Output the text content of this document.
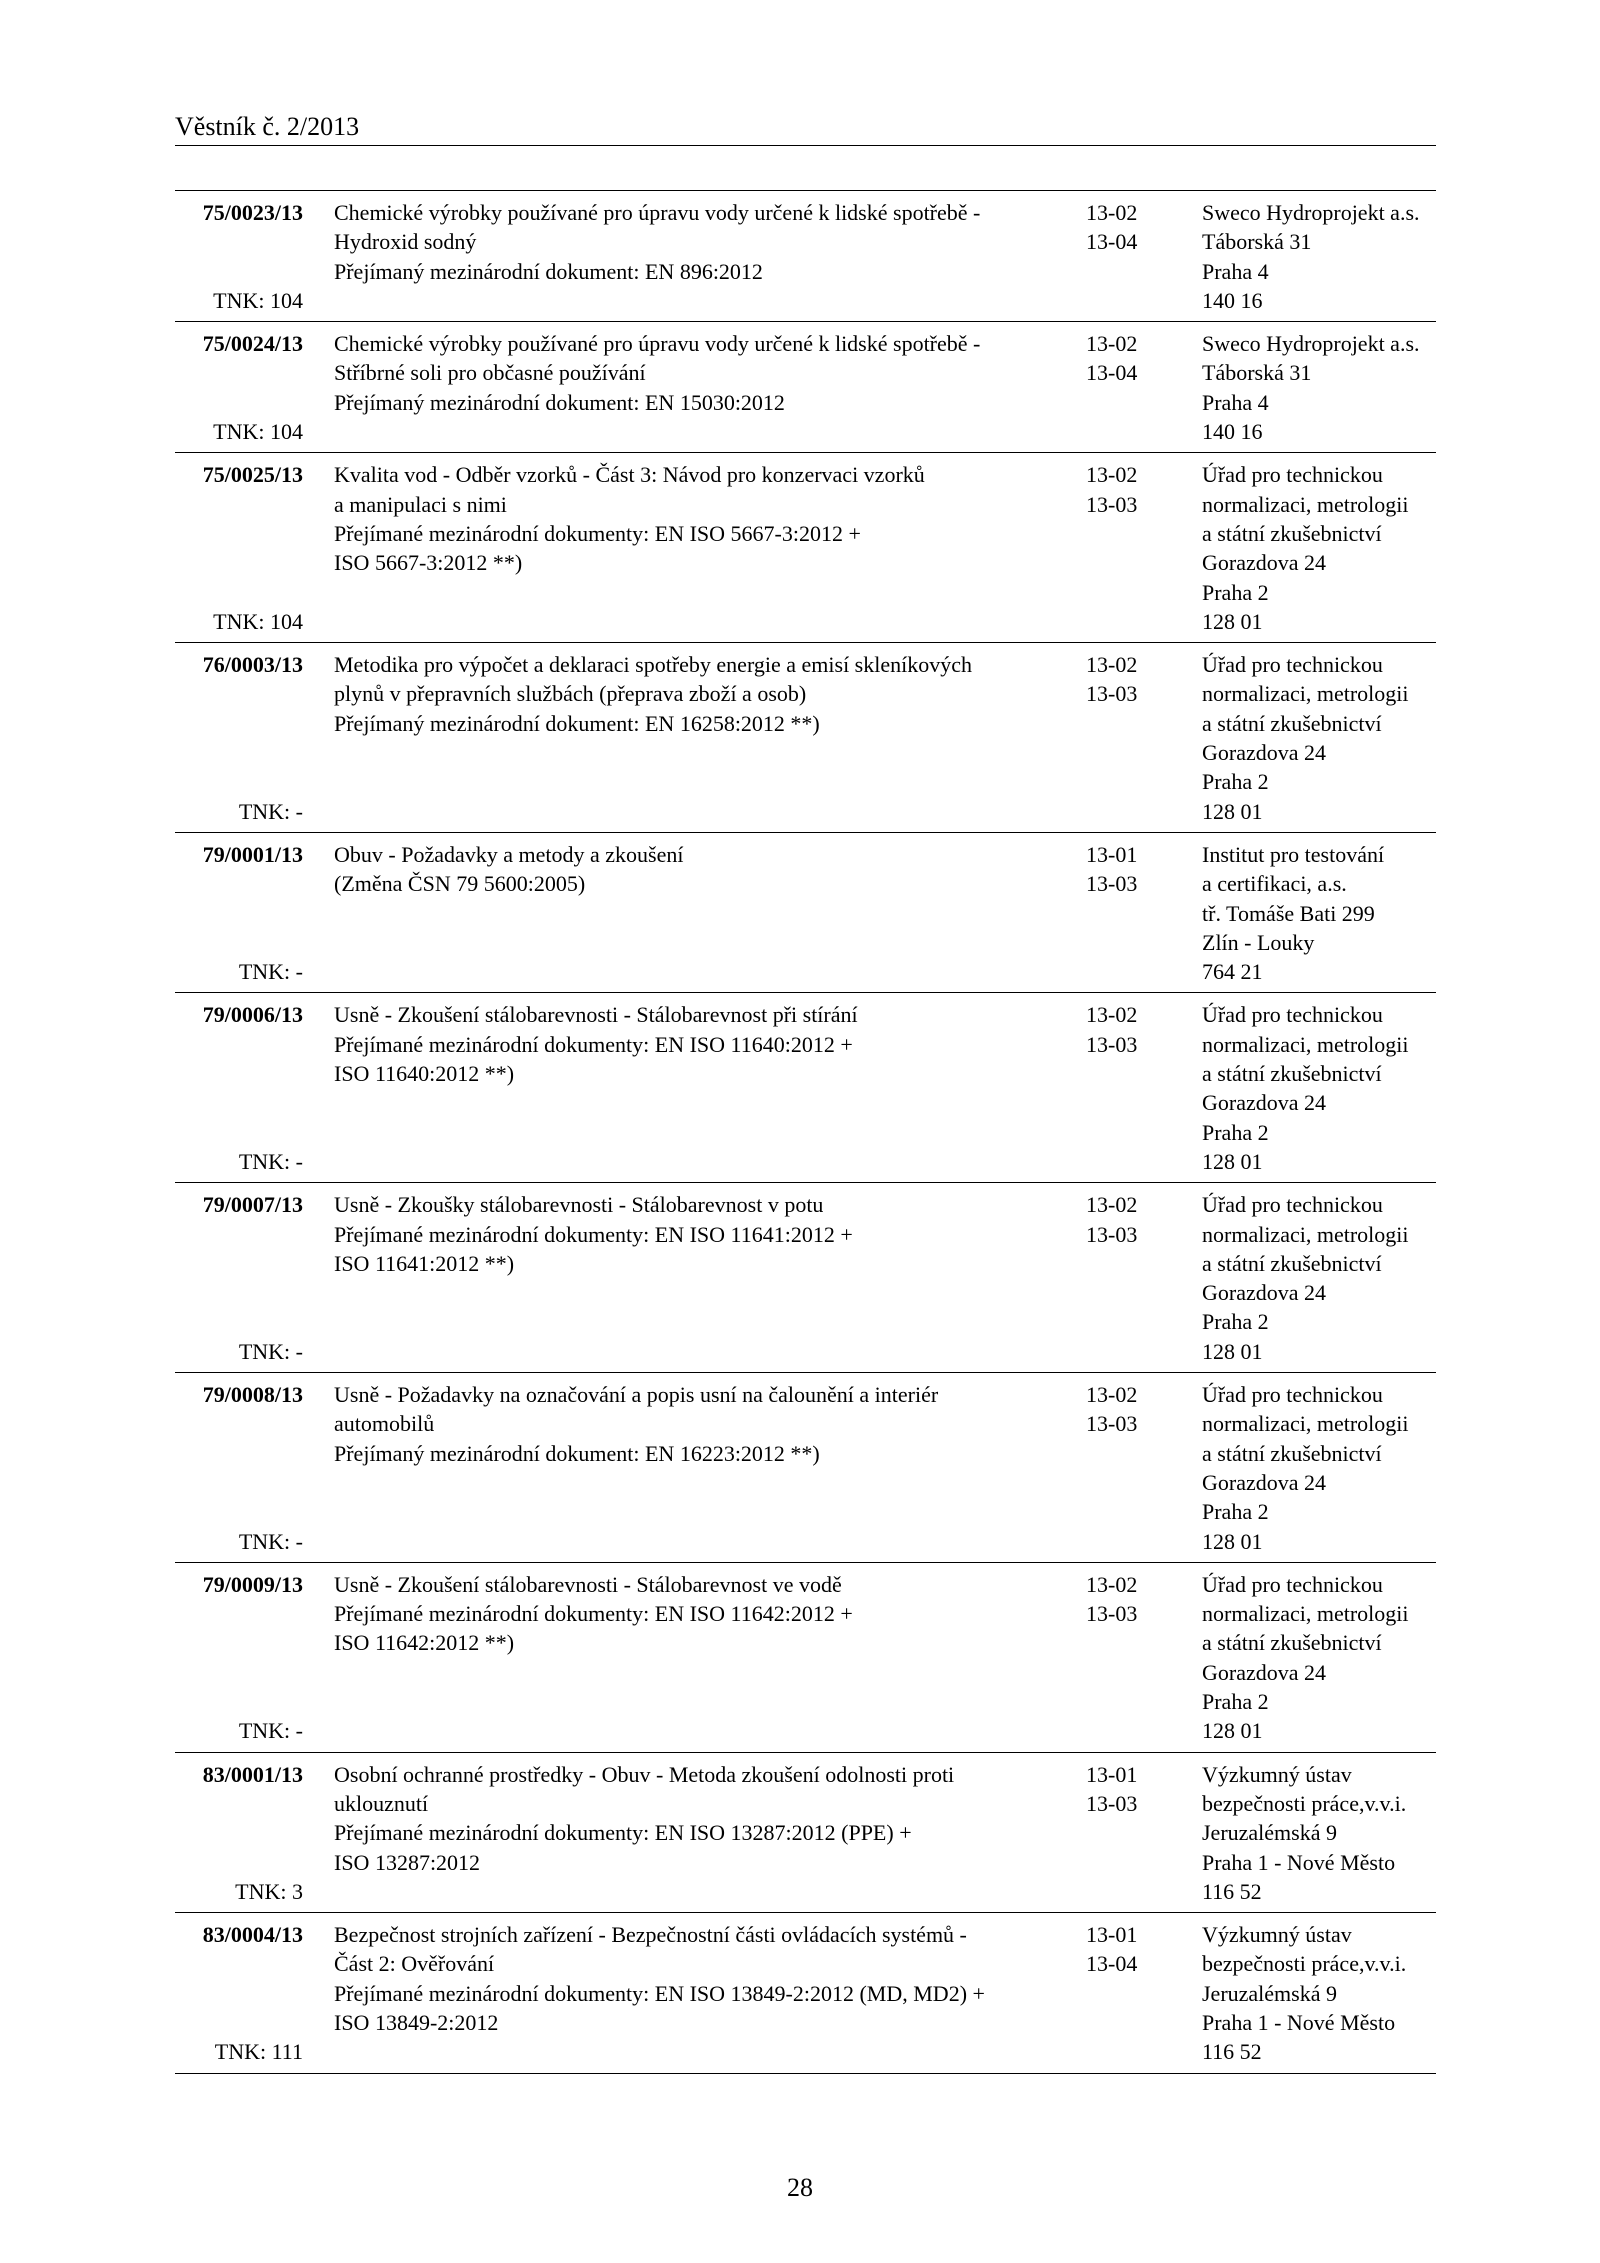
Věstník č. 2/2013
75/0023/13
TNK: 104
Chemické výrobky používané pro úpravu vody určené k lidské spotřebě -
Hydroxid sodný
Přejímaný mezinárodní dokument: EN 896:2012
13-02
13-04
Sweco Hydroprojekt a.s.
Táborská 31
Praha 4
140 16
75/0024/13
TNK: 104
Chemické výrobky používané pro úpravu vody určené k lidské spotřebě -
Stříbrné soli pro občasné používání
Přejímaný mezinárodní dokument: EN 15030:2012
13-02
13-04
Sweco Hydroprojekt a.s.
Táborská 31
Praha 4
140 16
75/0025/13
TNK: 104
Kvalita vod - Odběr vzorků - Část 3: Návod pro konzervaci vzorků
a manipulaci s nimi
Přejímané mezinárodní dokumenty: EN ISO 5667-3:2012 +
ISO 5667-3:2012 **)
13-02
13-03
Úřad pro technickou
normalizaci, metrologii
a státní zkušebnictví
Gorazdova 24
Praha 2
128 01
76/0003/13
TNK: -
Metodika pro výpočet a deklaraci spotřeby energie a emisí skleníkových
plynů v přepravních službách (přeprava zboží a osob)
Přejímaný mezinárodní dokument: EN 16258:2012 **)
13-02
13-03
Úřad pro technickou
normalizaci, metrologii
a státní zkušebnictví
Gorazdova 24
Praha 2
128 01
79/0001/13
TNK: -
Obuv - Požadavky a metody a zkoušení
(Změna ČSN 79 5600:2005)
13-01
13-03
Institut pro testování
a certifikaci, a.s.
tř. Tomáše Bati 299
Zlín - Louky
764 21
79/0006/13
TNK: -
Usně - Zkoušení stálobarevnosti - Stálobarevnost při stírání
Přejímané mezinárodní dokumenty: EN ISO 11640:2012 +
ISO 11640:2012 **)
13-02
13-03
Úřad pro technickou
normalizaci, metrologii
a státní zkušebnictví
Gorazdova 24
Praha 2
128 01
79/0007/13
TNK: -
Usně - Zkoušky stálobarevnosti - Stálobarevnost v potu
Přejímané mezinárodní dokumenty: EN ISO 11641:2012 +
ISO 11641:2012 **)
13-02
13-03
Úřad pro technickou
normalizaci, metrologii
a státní zkušebnictví
Gorazdova 24
Praha 2
128 01
79/0008/13
TNK: -
Usně - Požadavky na označování a popis usní na čalounění a interiér
automobilů
Přejímaný mezinárodní dokument: EN 16223:2012 **)
13-02
13-03
Úřad pro technickou
normalizaci, metrologii
a státní zkušebnictví
Gorazdova 24
Praha 2
128 01
79/0009/13
TNK: -
Usně - Zkoušení stálobarevnosti - Stálobarevnost ve vodě
Přejímané mezinárodní dokumenty: EN ISO 11642:2012 +
ISO 11642:2012 **)
13-02
13-03
Úřad pro technickou
normalizaci, metrologii
a státní zkušebnictví
Gorazdova 24
Praha 2
128 01
83/0001/13
TNK: 3
Osobní ochranné prostředky - Obuv - Metoda zkoušení odolnosti proti
uklouznutí
Přejímané mezinárodní dokumenty: EN ISO 13287:2012 (PPE) +
ISO 13287:2012
13-01
13-03
Výzkumný ústav
bezpečnosti práce,v.v.i.
Jeruzalémská 9
Praha 1 - Nové Město
116 52
83/0004/13
TNK: 111
Bezpečnost strojních zařízení - Bezpečnostní části ovládacích systémů -
Část 2: Ověřování
Přejímané mezinárodní dokumenty: EN ISO 13849-2:2012 (MD, MD2) +
ISO 13849-2:2012
13-01
13-04
Výzkumný ústav
bezpečnosti práce,v.v.i.
Jeruzalémská 9
Praha 1 - Nové Město
116 52
28
